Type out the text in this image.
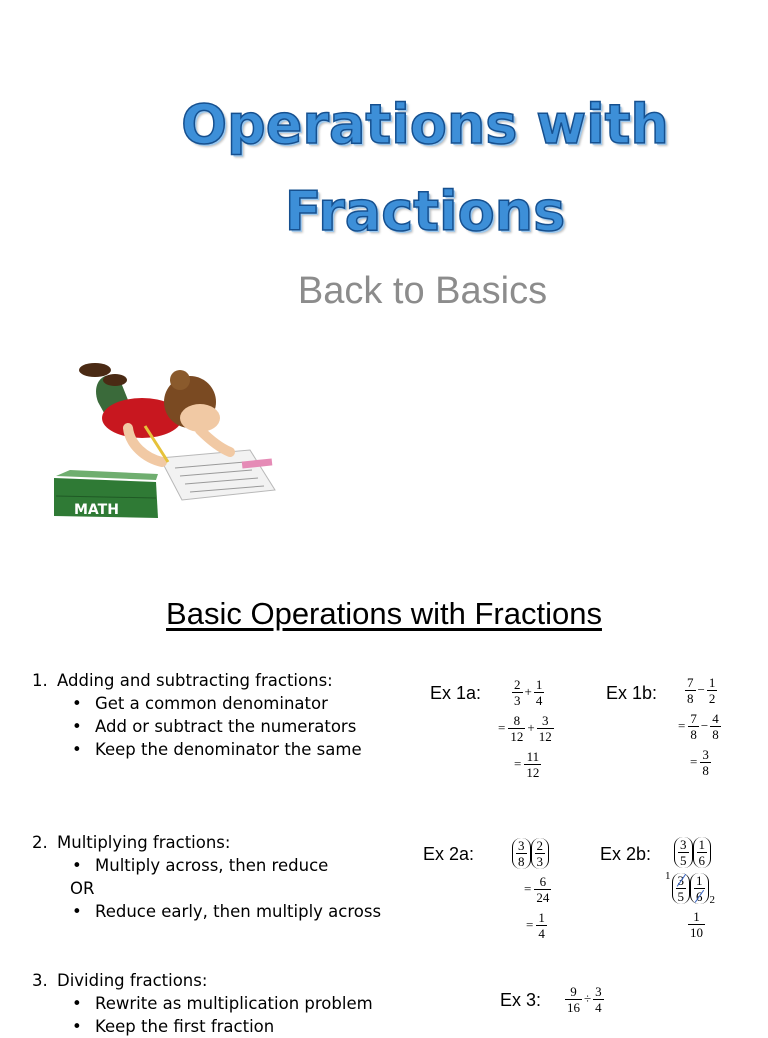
Operations with
Fractions
Back to Basics
MATH
Basic Operations with Fractions
1. Adding and subtracting fractions:
• Get a common denominator
• Add or subtract the numerators
• Keep the denominator the same
2. Multiplying fractions:
• Multiply across, then reduce
OR
• Reduce early, then multiply across
3. Dividing fractions:
• Rewrite as multiplication problem
• Keep the first fraction
Ex 1a:	Ex 1b:
Ex 2a:	Ex 2b:
Ex 3:
$\frac{2}{3} + \frac{1}{4}$
= $\frac{8}{12} + \frac{3}{12}$
= $\frac{11}{12}$
$\frac{7}{8} - \frac{1}{2}$
= $\frac{7}{8} - \frac{4}{8}$
= $\frac{3}{8}$
$\frac{3}{8} \frac{2}{3}$
= $\frac{6}{24}$
= $\frac{1}{4}$
$\frac{3}{5} \frac{1}{6}$
$1 \frac{3}{5} \frac{1}{6} 2$
$\frac{1}{10}$
$\frac{9}{16} \div \frac{3}{4}$
